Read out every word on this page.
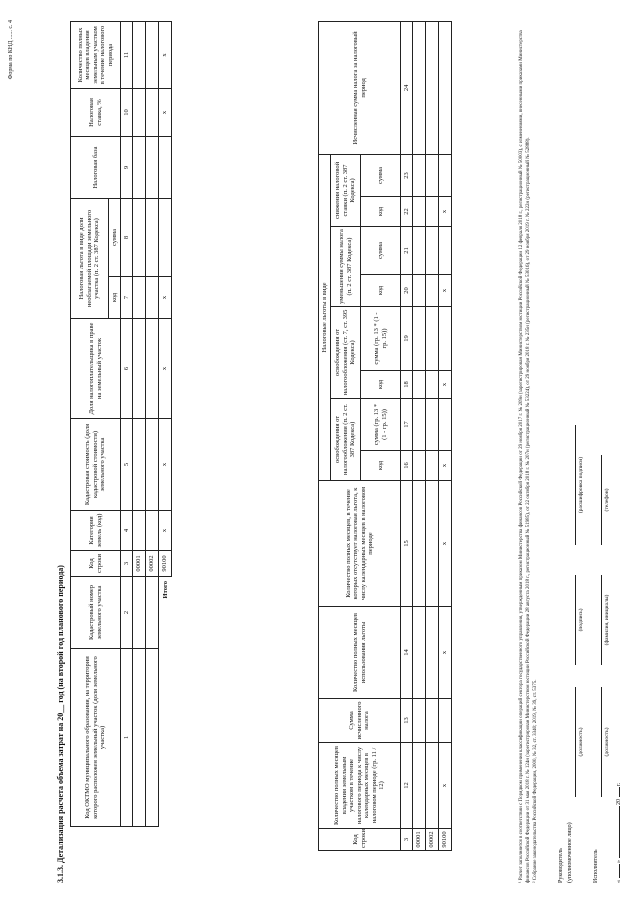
Форма по КНД ...... с. 4
3.1.3. Детализация расчета объема затрат на 20__ год (на второй год планового периода)	Код ОКТМО муниципального образования, на территории которого расположен земельный участок (доля земельного участка)	Кадастровый номер земельного участка	Код строки	Категория земель (код)	Кадастровая стоимость (доля кадастровой стоимости) земельного участка	Доля налогоплательщика в праве на земельный участок	Налоговая льгота в виде доли необлагаемой площади земельного участка (п. 2 ст. 387 Кодекса)		Налоговая база	Налоговая ставка, %	Количество полных месяцев владения земельным участком в течение налогового периода
						код	сумма			
1	2	3	4	5	6	7	8	9	10	11
		00001								
		00002								
Итого		90100	x	x	x	x			x	x
Код строки	Количество полных месяцев владения земельным участком в течение налогового периода к числу календарных месяцев в налоговом периоде (гр. 11 / 12)	Сумма исчисленного налога	Количество полных месяцев использования льготы	Количество полных месяцев, в течение которых отсутствует налоговая льгота, к числу календарных месяцев в налоговом периоде	Налоговые льготы в виде								Исчисленная сумма налога за налоговый период
					освобождения от налогообложения (п. 2 ст. 387 Кодекса)		освобождения от налогообложения (ст. 7, ст. 395 Кодекса)		уменьшения суммы налога (п. 2 ст. 387 Кодекса)		снижения налоговой ставки (п. 2 ст. 387 Кодекса)		
					код	сумма (гр. 13 * (1 - гр. 15))	код	сумма (гр. 13 * (1 - гр. 15))	код	сумма	код	сумма	
3	12	13	14	15	16	17	18	19	20	21	22	23	24
00001													
00002													
90100	x		x	x	x		x		x		x			¹ Расчет заполняется в соответствии с Порядком применения классификации операций сектора государственного управления, утвержденным приказом Министерства финансов Российской Федерации от 29 ноября 2017 г. № 209н (зарегистрирован Министерством юстиции Российской Федерации 12 февраля 2018 г., регистрационный № 50003), с изменениями, внесенными приказами Министерства финансов Российской Федерации от 31 мая 2018 г. № 124н (зарегистрирован Министерством юстиции Российской Федерации 28 августа 2018 г., регистрационный № 51985), от 22 октября 2018 г. № 207н (регистрационный № 53224), от 29 ноября 2018 г. № 235н (регистрационный № 53016), от 29 ноября 2019 г. № 222н (регистрационный № 52888). ² Собрание законодательства Российской Федерации, 2000, № 32, ст. 3340; 2019, № 39, ст. 5375.	Руководитель (уполномоченное лицо)
(должность)
(подпись)
(расшифровка подписи)
Исполнитель
(должность)
(фамилия, инициалы)
(телефон)
«  »  20  г.
